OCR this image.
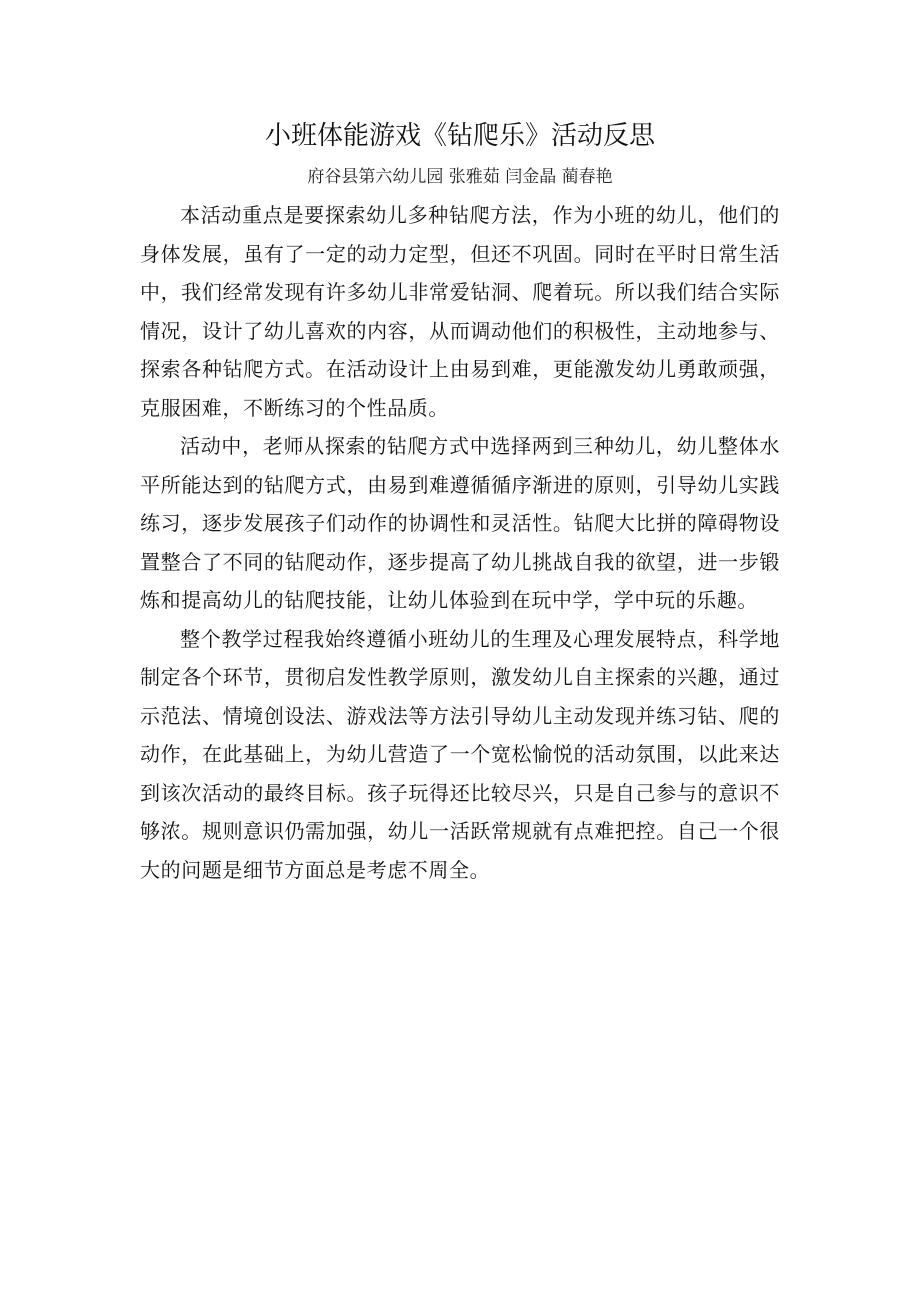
小班体能游戏《钻爬乐》活动反思

府谷县第六幼儿园 张雅茹 闫金晶 蔺春艳

本活动重点是要探索幼儿多种钻爬方法，作为小班的幼儿，他们的身体发展，虽有了一定的动力定型，但还不巩固。同时在平时日常生活中，我们经常发现有许多幼儿非常爱钻洞、爬着玩。所以我们结合实际情况，设计了幼儿喜欢的内容，从而调动他们的积极性，主动地参与、探索各种钻爬方式。在活动设计上由易到难，更能激发幼儿勇敢顽强，克服困难，不断练习的个性品质。

活动中，老师从探索的钻爬方式中选择两到三种幼儿，幼儿整体水平所能达到的钻爬方式，由易到难遵循循序渐进的原则，引导幼儿实践练习，逐步发展孩子们动作的协调性和灵活性。钻爬大比拼的障碍物设置整合了不同的钻爬动作，逐步提高了幼儿挑战自我的欲望，进一步锻炼和提高幼儿的钻爬技能，让幼儿体验到在玩中学，学中玩的乐趣。

整个教学过程我始终遵循小班幼儿的生理及心理发展特点，科学地制定各个环节，贯彻启发性教学原则，激发幼儿自主探索的兴趣，通过示范法、情境创设法、游戏法等方法引导幼儿主动发现并练习钻、爬的动作，在此基础上，为幼儿营造了一个宽松愉悦的活动氛围，以此来达到该次活动的最终目标。孩子玩得还比较尽兴，只是自己参与的意识不够浓。规则意识仍需加强，幼儿一活跃常规就有点难把控。自己一个很大的问题是细节方面总是考虑不周全。
